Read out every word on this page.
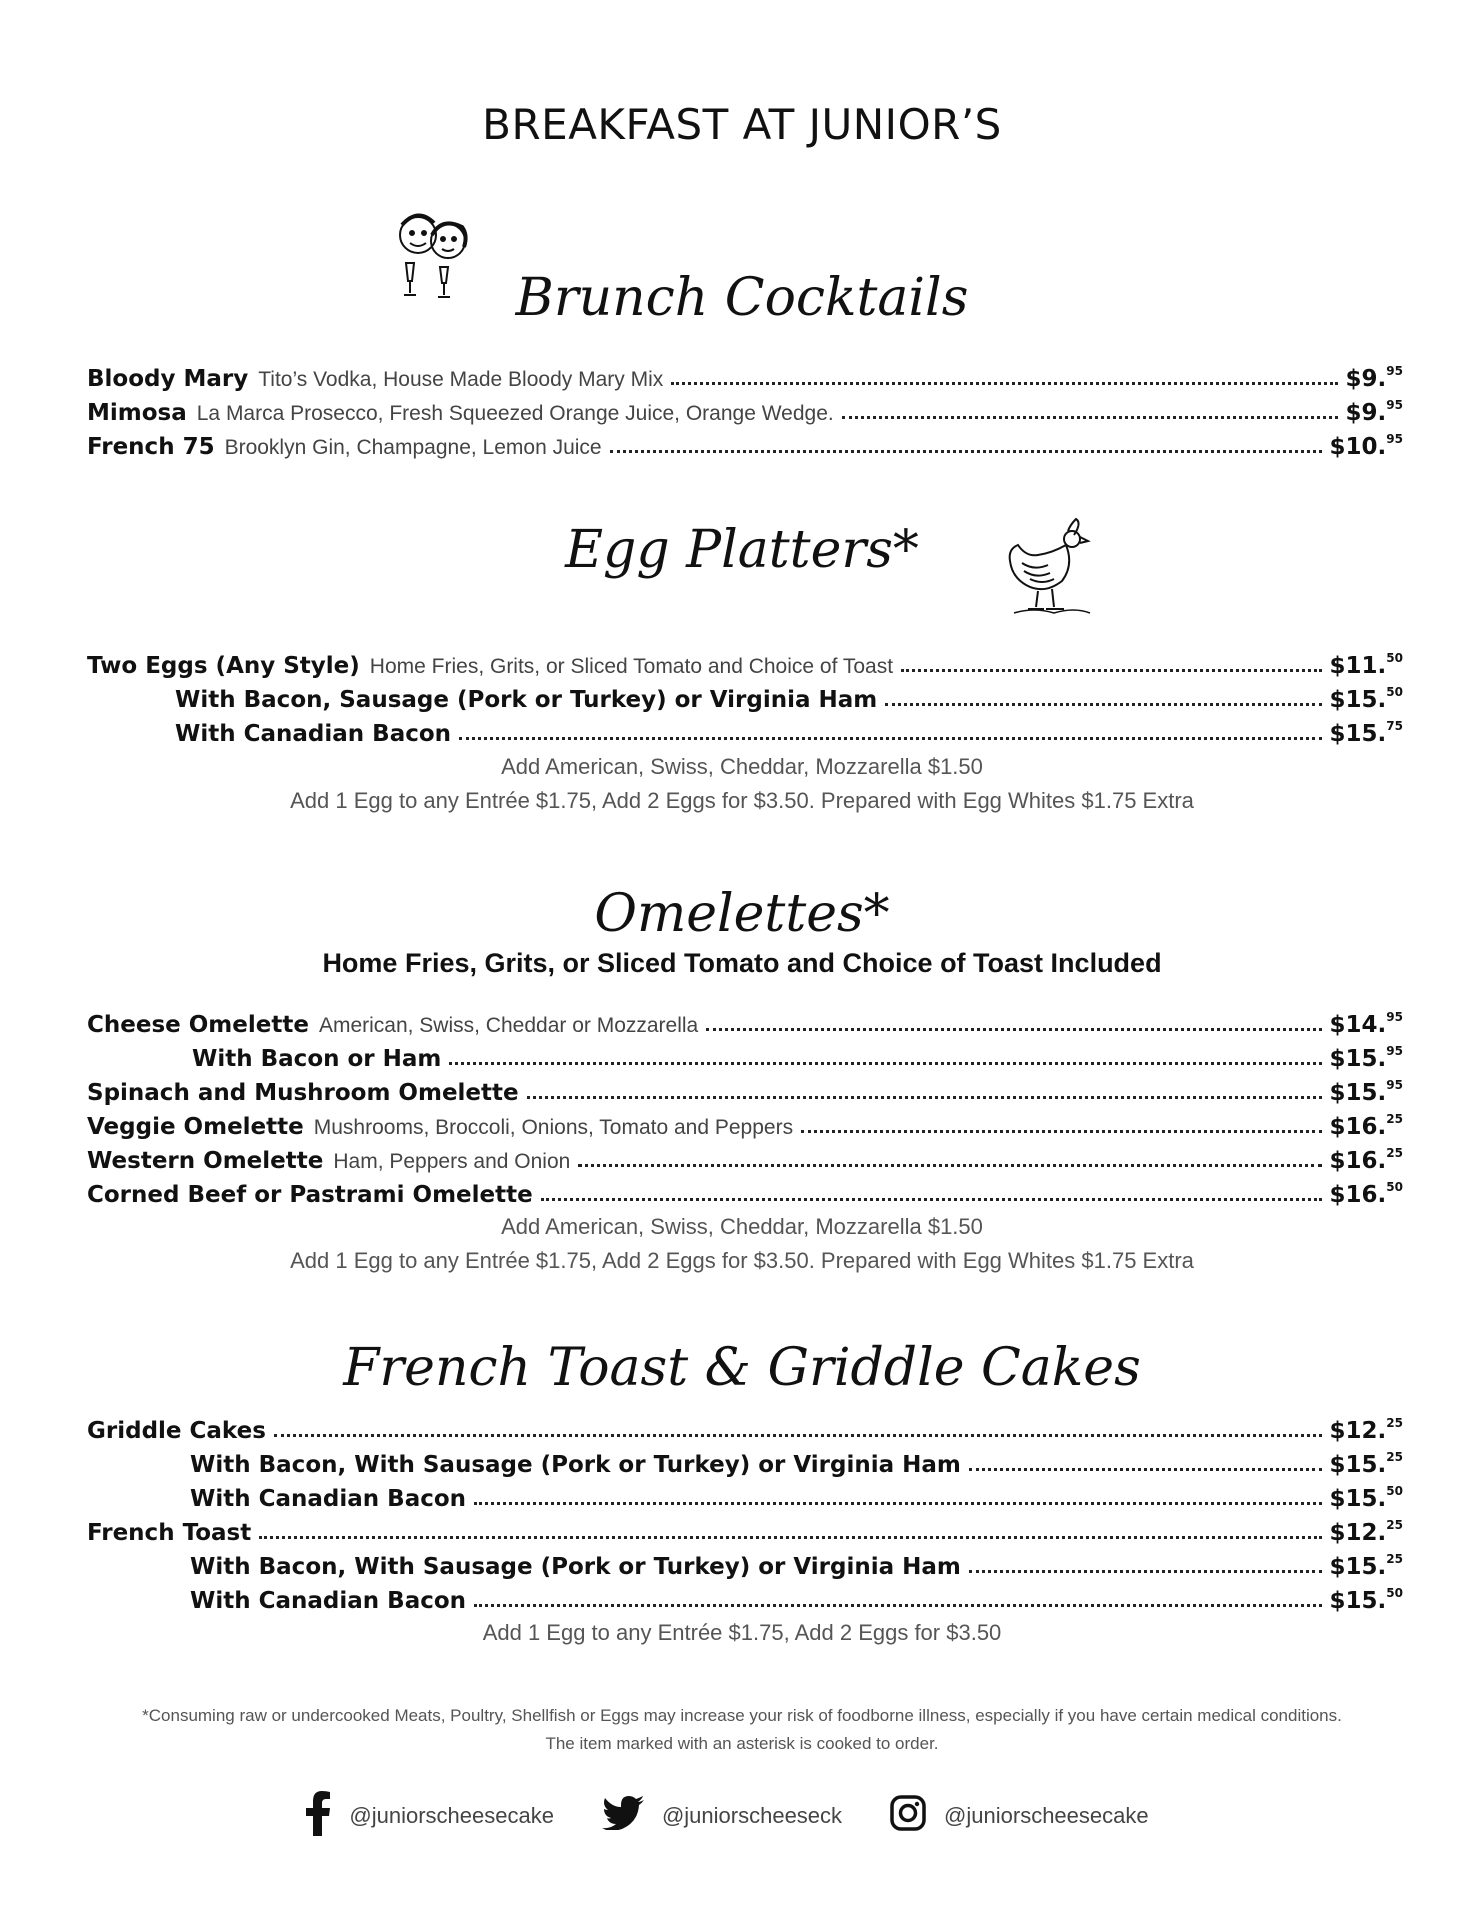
BREAKFAST AT JUNIOR’S
Brunch Cocktails
Bloody Mary Tito’s Vodka, House Made Bloody Mary Mix	$9.95
Mimosa La Marca Prosecco, Fresh Squeezed Orange Juice, Orange Wedge.	$9.95
French 75 Brooklyn Gin, Champagne, Lemon Juice	$10.95
Egg Platters*
Two Eggs (Any Style) Home Fries, Grits, or Sliced Tomato and Choice of Toast	$11.50
With Bacon, Sausage (Pork or Turkey) or Virginia Ham	$15.50
With Canadian Bacon	$15.75
Add American, Swiss, Cheddar, Mozzarella $1.50
Add 1 Egg to any Entrée $1.75, Add 2 Eggs for $3.50. Prepared with Egg Whites $1.75 Extra
Omelettes*
Home Fries, Grits, or Sliced Tomato and Choice of Toast Included
Cheese Omelette American, Swiss, Cheddar or Mozzarella	$14.95
With Bacon or Ham	$15.95
Spinach and Mushroom Omelette	$15.95
Veggie Omelette Mushrooms, Broccoli, Onions, Tomato and Peppers	$16.25
Western Omelette Ham, Peppers and Onion	$16.25
Corned Beef or Pastrami Omelette	$16.50
Add American, Swiss, Cheddar, Mozzarella $1.50
Add 1 Egg to any Entrée $1.75, Add 2 Eggs for $3.50. Prepared with Egg Whites $1.75 Extra
French Toast & Griddle Cakes
Griddle Cakes	$12.25
With Bacon, With Sausage (Pork or Turkey) or Virginia Ham	$15.25
With Canadian Bacon	$15.50
French Toast	$12.25
With Bacon, With Sausage (Pork or Turkey) or Virginia Ham	$15.25
With Canadian Bacon	$15.50
Add 1 Egg to any Entrée $1.75, Add 2 Eggs for $3.50
*Consuming raw or undercooked Meats, Poultry, Shellfish or Eggs may increase your risk of foodborne illness, especially if you have certain medical conditions.
The item marked with an asterisk is cooked to order.
@juniorscheesecake	@juniorscheeseck	@juniorscheesecake
